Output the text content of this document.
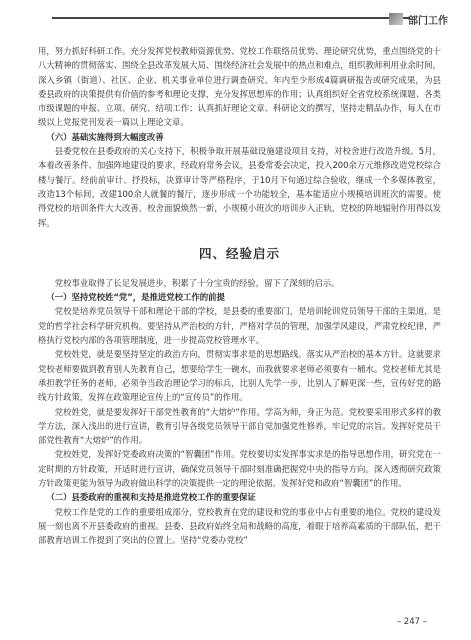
部门工作

用，努力抓好科研工作。充分发挥党校教师资源优势、党校工作联络员优势、理论研究优势，重点围绕党的十八大精神的贯彻落实、围绕全县改革发展大局、围绕经济社会发展中的热点和难点，组织教师利用业余时间，深入乡镇（街道）、社区、企业、机关事业单位进行调查研究。年内至少形成4篇调研报告或研究成果，为县委县政府的决策提供有价值的参考和理论支撑，充分发挥思想库的作用；认真组织好全省党校系统课题、各类市级课题的申报、立项、研究、结项工作；认真抓好理论文章、科研论文的撰写，坚持走精品办作，每人在市级以上党报党刊发表一篇以上理论文章。

（六）基础实施得到大幅度改善

县委党校在县委政府的关心支持下，积极争取开展基础设施建设项目支持，对校舍进行改造升级。5月，本着改善条件、加强阵地建设的要求，经政府常务会议，县委常委会决定，投入200余万元维修改造党校综合楼与餐厅。经前前审计、抒投标，决算审计等严格程序，于10月下旬通过综合验收，继成一个多媒体教室，改造13个标间，改建100余人就餐的餐厅，逐步形成一个功能较全，基本能适应小规模培训班次的需要。使得党校的培训条件大大改善，校舍面貌焕然一新，小规模小班次的培训步入正轨，党校的阵地辐射作用得以发挥。

四、经验启示

党校事业取得了长足发展进步，积累了十分宝贵的经验，留下了深刻的启示。

（一）坚持党校姓“党”，是推进党校工作的前提

党校是培养党员领导干部和理论干部的学校，是县委的重要部门，是培训轮训党员领导干部的主渠道，是党的哲学社会科学研究机构。要坚持从严治校的方针，严格对学员的管理，加强学风建设，严肃党校纪律，严格执行党校内部的各项管理制度，进一步提高党校管理水平。

党校姓党，就是要坚持坚定的政治方向，贯彻实事求是的思想路线。落实从严治校的基本方针。这就要求党校老师要做到教育别人先教育自己，想要给学生一碗水，而我就要求老师必须要有一桶水。党校老师尤其是承担教学任务的老师，必须争当政治理论学习的标兵，比别人先学一步，比别人了解更深一些，宣传好党的路线方针政策，发挥在政策理论宣传上的“宣传员”的作用。

党校姓党，就是要发挥好干部党性教育的“大熔炉”作用。学高为师，身正为范。党校要采用形式多样的教学方法，深入浅出的进行宣讲，教育引导各级党员领导干部自觉加强党性修养，牢记党的宗旨。发挥好党员干部党性教育“大熔炉”的作用。

党校姓党，发挥好党委政府决策的“智囊团”作用。党校要切实发挥事实求是的指导思想作用，研究党在一定时期的方针政策，开适时进行宣讲，确保党员领导干部时刻准确把握党中央的指导方向。深入透彻研究政策方针政策更能为领导为政府做出科学的决策提供一定的理论依据。发挥好党和政府“智囊团”的作用。

（二）县委政府的重视和支持是推进党校工作的重要保证

党校工作是党的工作的重要组成部分，党校教育在党的建设和党的事业中占有重要的地位。党校的建设发展一刻也离不开县委政府的重视。县委、县政府始终全局和战略的高度，着眼于培养高素质的干部队伍，把干部教育培训工作提到了突出的位置上。坚持“党委办党校”

– 247 –
